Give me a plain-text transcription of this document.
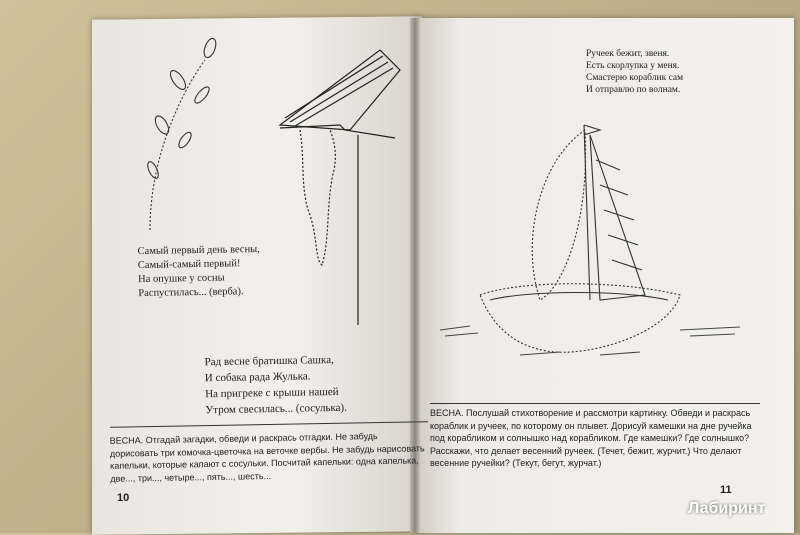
Самый первый день весны,
Самый-самый первый!
На опушке у сосны
Распустилась... (верба).
Рад весне братишка Сашка,
И собака рада Жулька.
На пригреке с крыши нашей
Утром свесилась... (сосулька).
Ручеек бежит, звеня.
Есть скорлупка у меня.
Смастерю кораблик сам
И отправлю по волнам.
ВЕСНА. Отгадай загадки, обведи и раскрась отгадки. Не забудь дорисовать три комочка-цветочка на веточке вербы. Не забудь нарисовать капельки, которые капают с сосульки. Посчитай капельки: одна капелька, две..., три..., четыре..., пять..., шесть...
ВЕСНА. Послушай стихотворение и рассмотри картинку. Обведи и раскрась кораблик и ручеек, по которому он плывет. Дорисуй камешки на дне ручейка под корабликом и солнышко над корабликом. Где камешки? Где солнышко? Расскажи, что делает весенний ручеек. (Течет, бежит, журчит.) Что делают весенние ручейки? (Текут, бегут, журчат.)
10
11
Лабиринт
